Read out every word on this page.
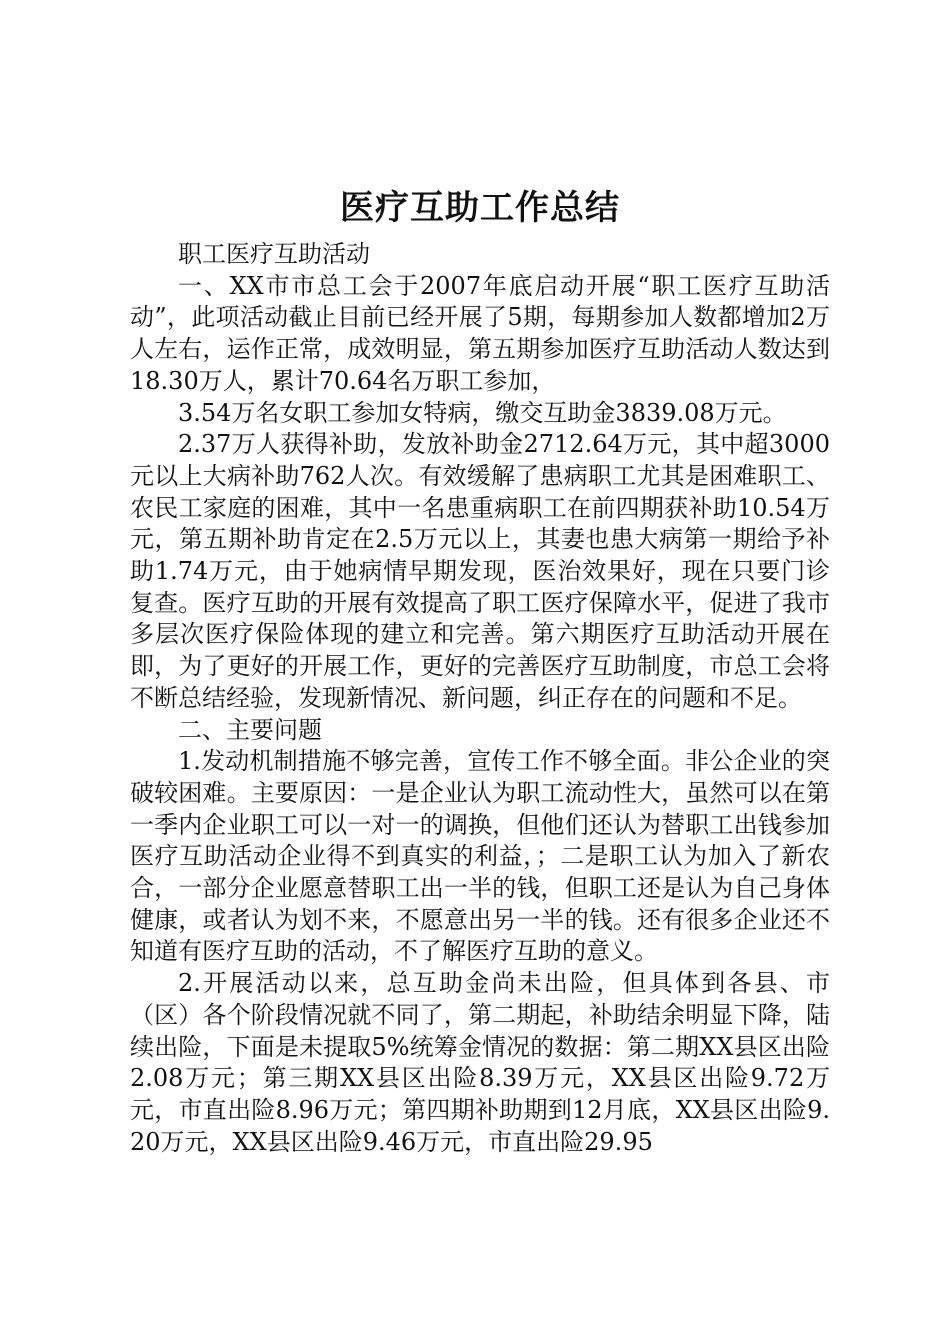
医疗互助工作总结

职工医疗互助活动

一、XX市市总工会于2007年底启动开展“职工医疗互助活动”，此项活动截止目前已经开展了5期，每期参加人数都增加2万人左右，运作正常，成效明显，第五期参加医疗互助活动人数达到18.30万人，累计70.64名万职工参加，

3.54万名女职工参加女特病，缴交互助金3839.08万元。

2.37万人获得补助，发放补助金2712.64万元，其中超3000元以上大病补助762人次。有效缓解了患病职工尤其是困难职工、农民工家庭的困难，其中一名患重病职工在前四期获补助10.54万元，第五期补助肯定在2.5万元以上，其妻也患大病第一期给予补助1.74万元，由于她病情早期发现，医治效果好，现在只要门诊复查。医疗互助的开展有效提高了职工医疗保障水平，促进了我市多层次医疗保险体现的建立和完善。第六期医疗互助活动开展在即，为了更好的开展工作，更好的完善医疗互助制度，市总工会将不断总结经验，发现新情况、新问题，纠正存在的问题和不足。

二、主要问题

1.发动机制措施不够完善，宣传工作不够全面。非公企业的突破较困难。主要原因：一是企业认为职工流动性大，虽然可以在第一季内企业职工可以一对一的调换，但他们还认为替职工出钱参加医疗互助活动企业得不到真实的利益，；二是职工认为加入了新农合，一部分企业愿意替职工出一半的钱，但职工还是认为自己身体健康，或者认为划不来，不愿意出另一半的钱。还有很多企业还不知道有医疗互助的活动，不了解医疗互助的意义。

2.开展活动以来，总互助金尚未出险，但具体到各县、市（区）各个阶段情况就不同了，第二期起，补助结余明显下降，陆续出险，下面是未提取5%统筹金情况的数据：第二期XX县区出险2.08万元；第三期XX县区出险8.39万元，XX县区出险9.72万元，市直出险8.96万元；第四期补助期到12月底，XX县区出险9.20万元，XX县区出险9.46万元，市直出险29.95
